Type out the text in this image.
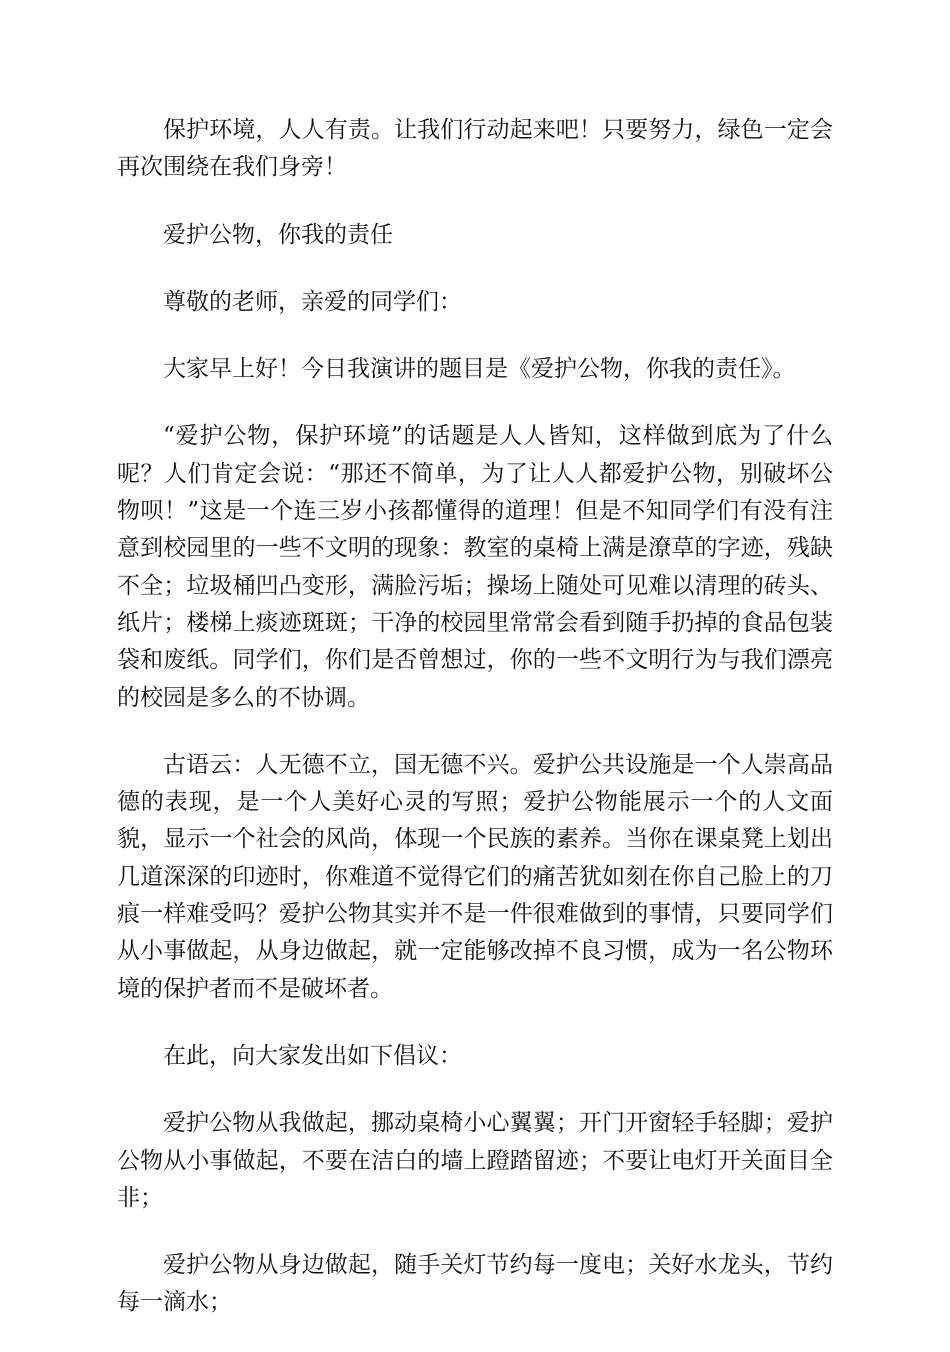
保护环境，人人有责。让我们行动起来吧！只要努力，绿色一定会再次围绕在我们身旁！

爱护公物，你我的责任

尊敬的老师，亲爱的同学们：

大家早上好！今日我演讲的题目是《爱护公物，你我的责任》。

“爱护公物，保护环境”的话题是人人皆知，这样做到底为了什么呢？人们肯定会说：“那还不简单，为了让人人都爱护公物，别破坏公物呗！”这是一个连三岁小孩都懂得的道理！但是不知同学们有没有注意到校园里的一些不文明的现象：教室的桌椅上满是潦草的字迹，残缺不全；垃圾桶凹凸变形，满脸污垢；操场上随处可见难以清理的砖头、纸片；楼梯上痰迹斑斑；干净的校园里常常会看到随手扔掉的食品包装袋和废纸。同学们，你们是否曾想过，你的一些不文明行为与我们漂亮的校园是多么的不协调。

古语云：人无德不立，国无德不兴。爱护公共设施是一个人崇高品德的表现，是一个人美好心灵的写照；爱护公物能展示一个的人文面貌，显示一个社会的风尚，体现一个民族的素养。当你在课桌凳上划出几道深深的印迹时，你难道不觉得它们的痛苦犹如刻在你自己脸上的刀痕一样难受吗？爱护公物其实并不是一件很难做到的事情，只要同学们从小事做起，从身边做起，就一定能够改掉不良习惯，成为一名公物环境的保护者而不是破坏者。

在此，向大家发出如下倡议：

爱护公物从我做起，挪动桌椅小心翼翼；开门开窗轻手轻脚；爱护公物从小事做起，不要在洁白的墙上蹬踏留迹；不要让电灯开关面目全非；

爱护公物从身边做起，随手关灯节约每一度电；关好水龙头，节约每一滴水；
